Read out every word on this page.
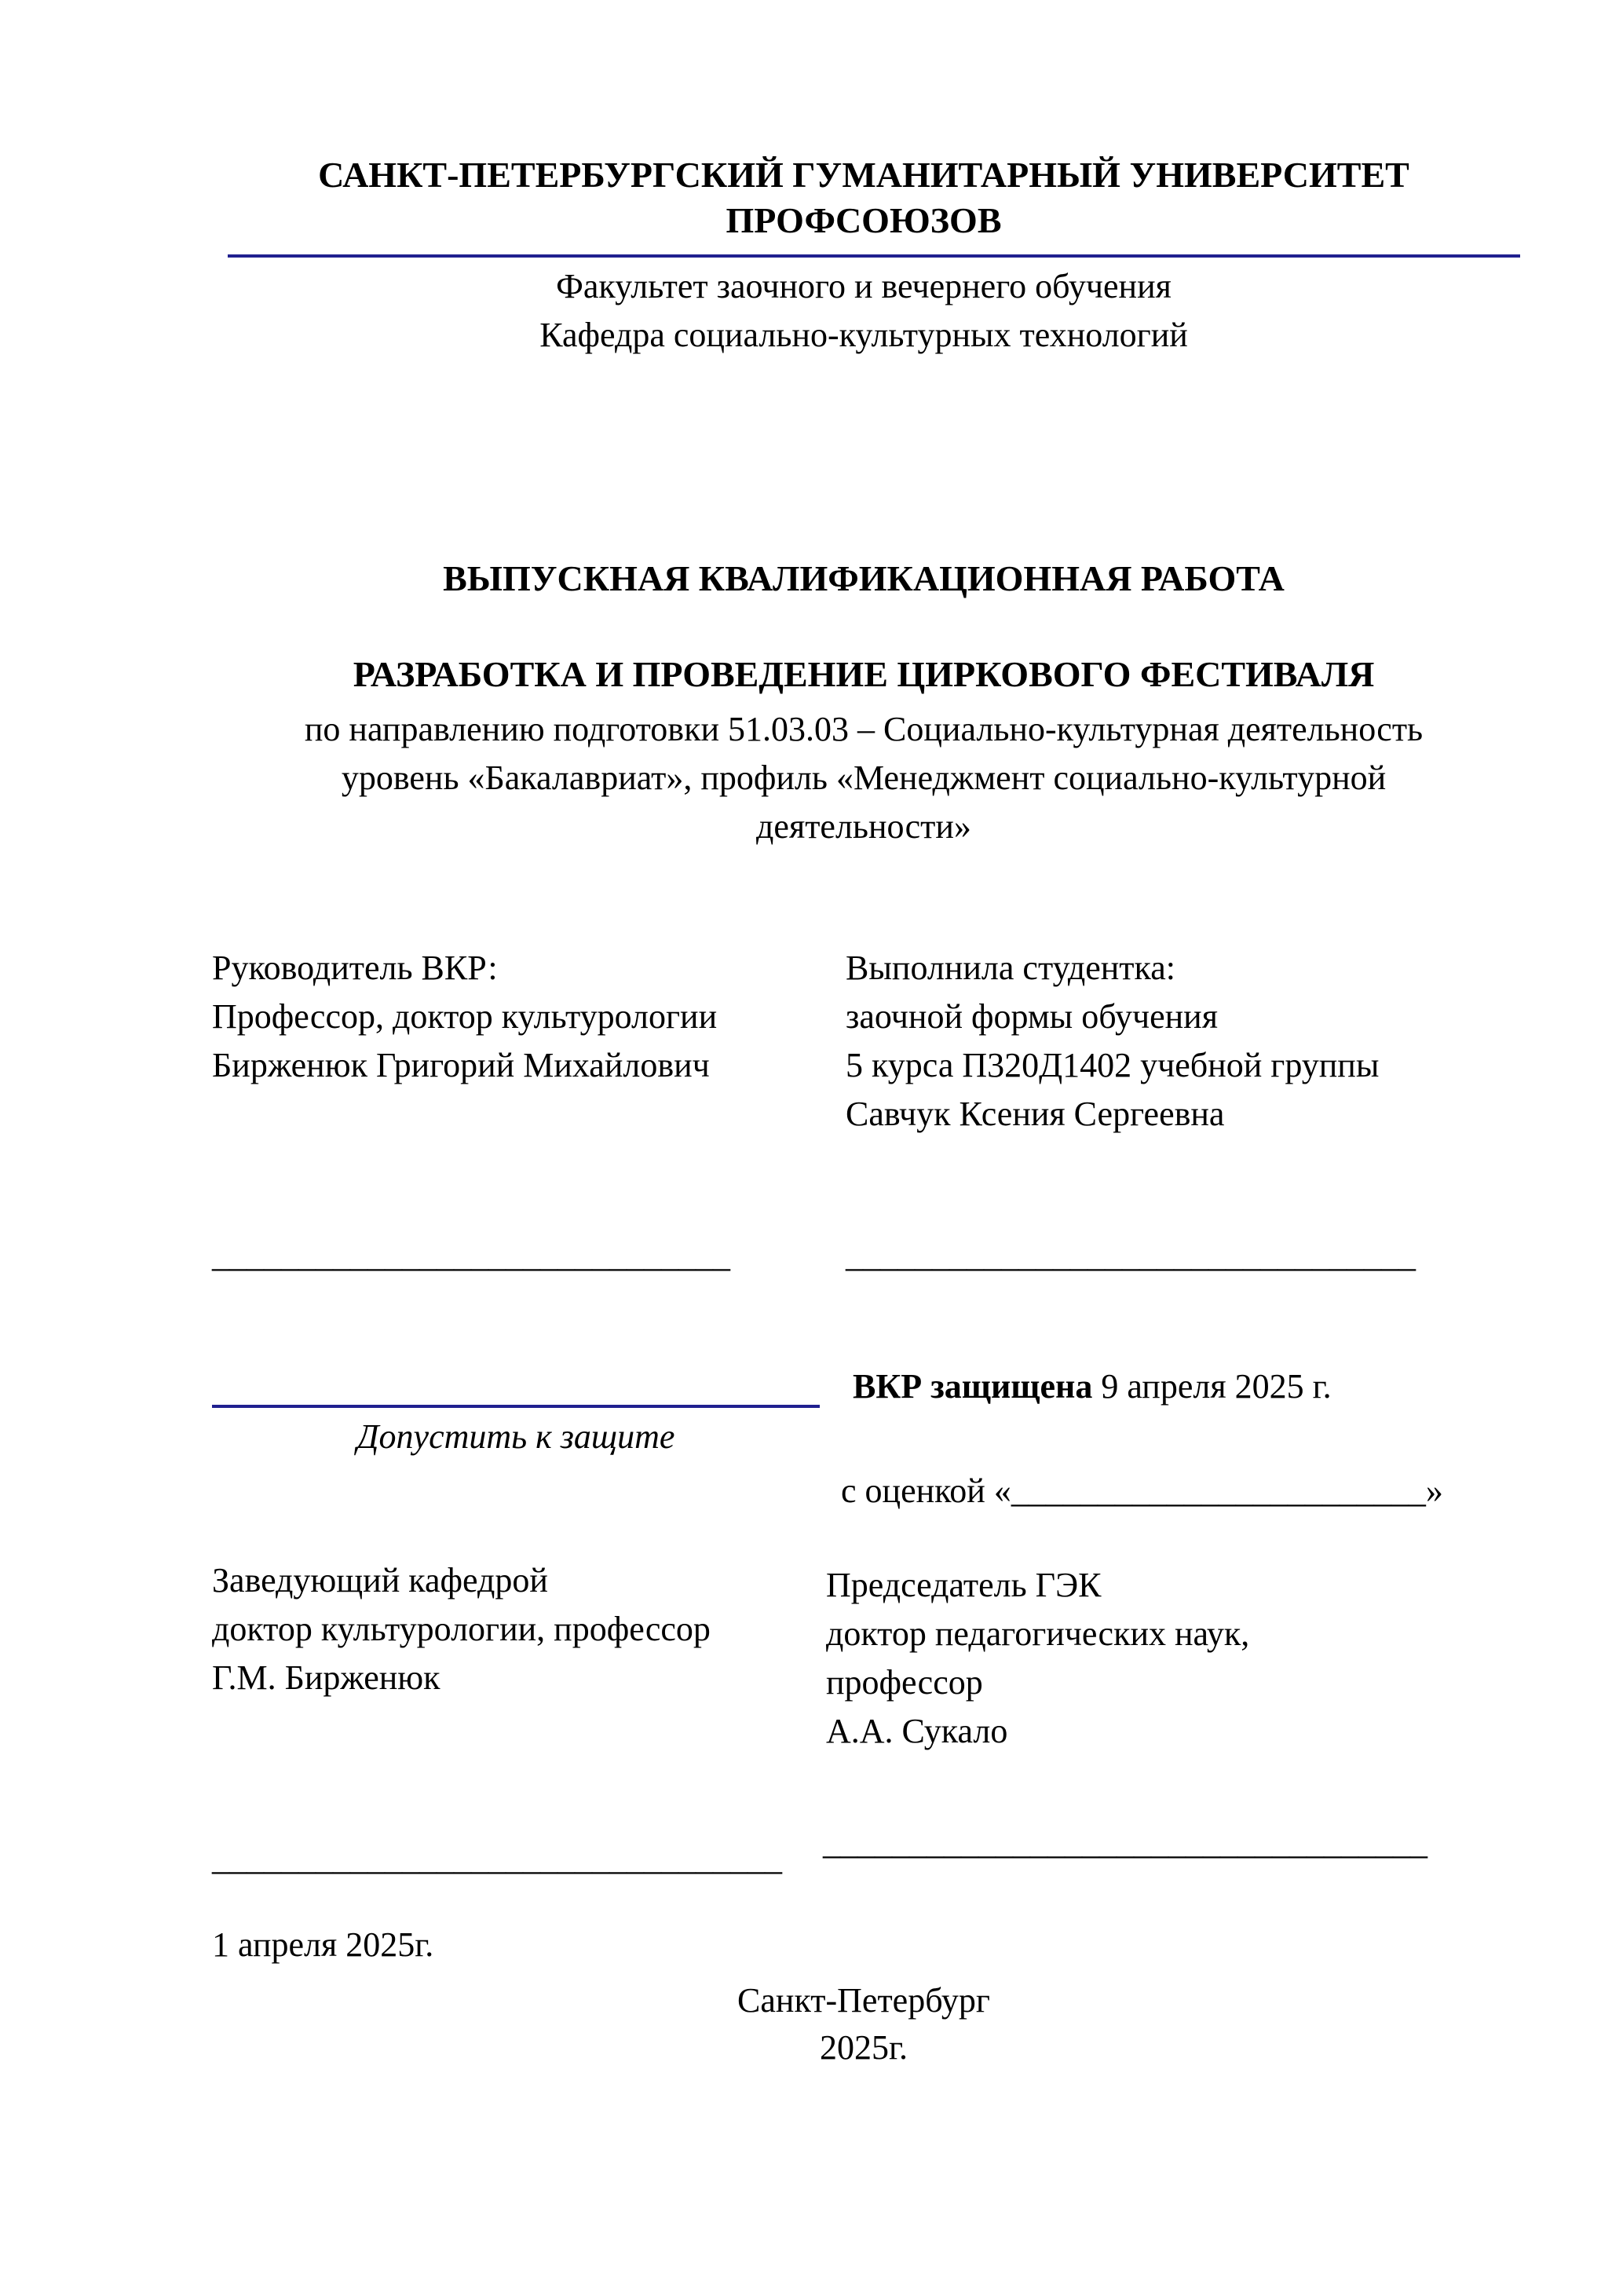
САНКТ-ПЕТЕРБУРГСКИЙ ГУМАНИТАРНЫЙ УНИВЕРСИТЕТ
ПРОФСОЮЗОВ
Факультет заочного и вечернего обучения
Кафедра социально-культурных технологий
ВЫПУСКНАЯ КВАЛИФИКАЦИОННАЯ РАБОТА
РАЗРАБОТКА И ПРОВЕДЕНИЕ ЦИРКОВОГО ФЕСТИВАЛЯ
по направлению подготовки 51.03.03 – Социально-культурная деятельность
уровень «Бакалавриат», профиль «Менеджмент социально-культурной
деятельности»
Руководитель ВКР:
Профессор, доктор культурологии
Бирженюк Григорий Михайлович
Выполнила студентка:
заочной формы обучения
5 курса П320Д1402 учебной группы
Савчук Ксения Сергеевна
______________________________	_________________________________
ВКР защищена 9 апреля 2025 г.
Допустить к защите
с оценкой «________________________»
Заведующий кафедрой
доктор культурологии, профессор
Г.М. Бирженюк
Председатель ГЭК
доктор педагогических наук,
профессор
А.А. Сукало
_________________________________ ___________________________________
1 апреля 2025г.
Санкт-Петербург
2025г.
